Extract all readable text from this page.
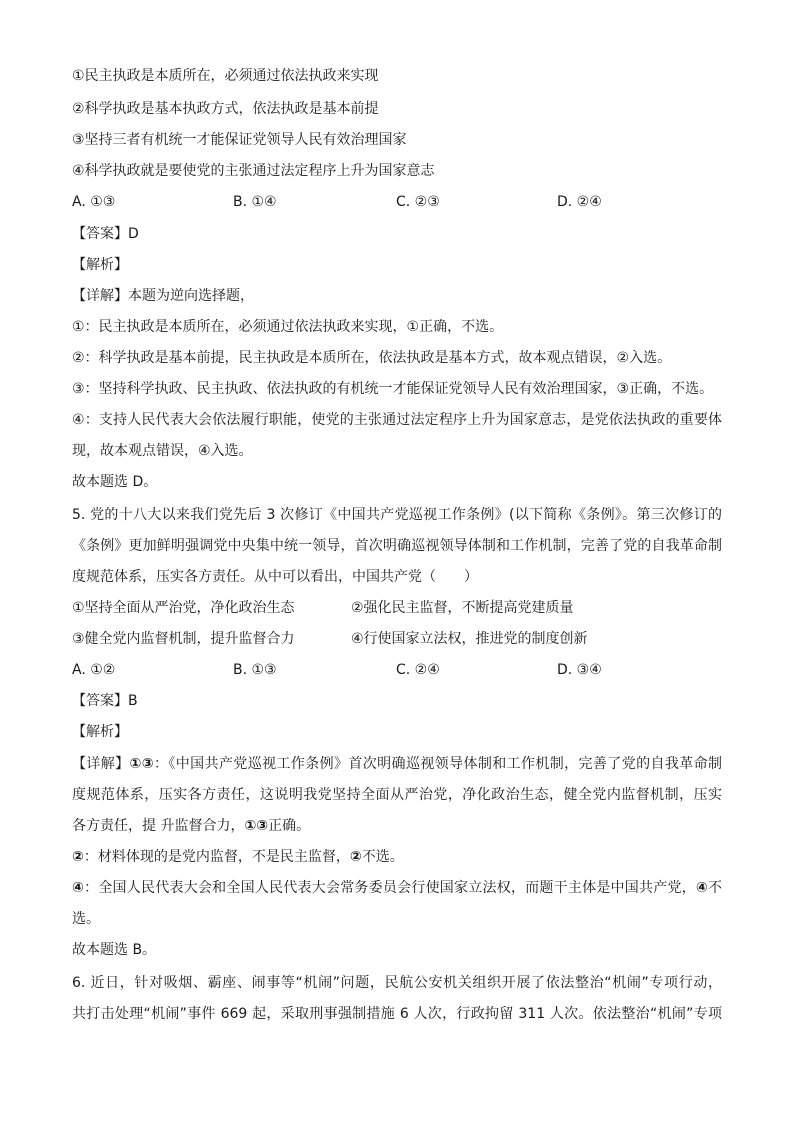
①民主执政是本质所在，必须通过依法执政来实现
②科学执政是基本执政方式，依法执政是基本前提
③坚持三者有机统一才能保证党领导人民有效治理国家
④科学执政就是要使党的主张通过法定程序上升为国家意志
A. ①③	B. ①④	C. ②③	D. ②④
【答案】D
【解析】
【详解】本题为逆向选择题，
①：民主执政是本质所在，必须通过依法执政来实现，①正确，不选。
②：科学执政是基本前提，民主执政是本质所在，依法执政是基本方式，故本观点错误，②入选。
③：坚持科学执政、民主执政、依法执政的有机统一才能保证党领导人民有效治理国家，③正确，不选。
④：支持人民代表大会依法履行职能，使党的主张通过法定程序上升为国家意志，是党依法执政的重要体
现，故本观点错误，④入选。
故本题选 D。
5. 党的十八大以来我们党先后 3 次修订《中国共产党巡视工作条例》(以下简称《条例》。第三次修订的
《条例》更加鲜明强调党中央集中统一领导，首次明确巡视领导体制和工作机制，完善了党的自我革命制
度规范体系，压实各方责任。从中可以看出，中国共产党（　　）
①坚持全面从严治党，净化政治生态	②强化民主监督，不断提高党建质量
③健全党内监督机制，提升监督合力	④行使国家立法权，推进党的制度创新
A. ①②	B. ①③	C. ②④	D. ③④
【答案】B
【解析】
【详解】①③：《中国共产党巡视工作条例》首次明确巡视领导体制和工作机制，完善了党的自我革命制
度规范体系，压实各方责任，这说明我党坚持全面从严治党，净化政治生态，健全党内监督机制，压实
各方责任，提 升监督合力，①③正确。
②：材料体现的是党内监督，不是民主监督，②不选。
④：全国人民代表大会和全国人民代表大会常务委员会行使国家立法权，而题干主体是中国共产党，④不
选。
故本题选 B。
6. 近日，针对吸烟、霸座、闹事等“机闹”问题，民航公安机关组织开展了依法整治“机闹”专项行动，
共打击处理“机闹”事件 669 起，采取刑事强制措施 6 人次，行政拘留 311 人次。依法整治“机闹”专项
